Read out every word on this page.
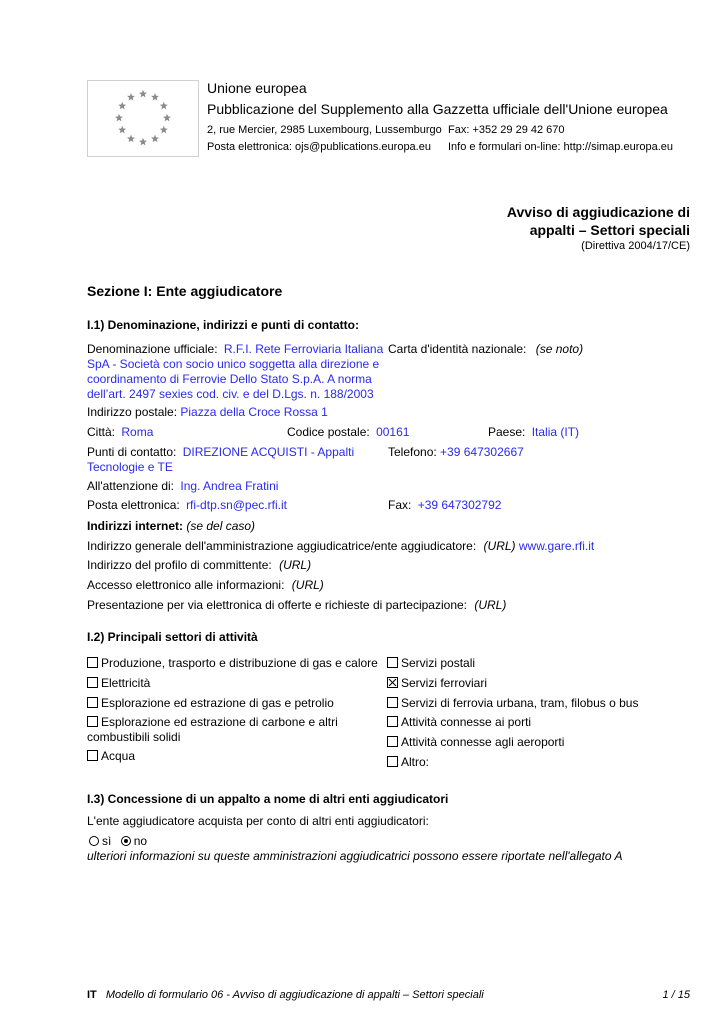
Unione europea
Pubblicazione del Supplemento alla Gazzetta ufficiale dell'Unione europea
2, rue Mercier, 2985 Luxembourg, Lussemburgo Fax: +352 29 29 42 670
Posta elettronica: ojs@publications.europa.eu Info e formulari on-line: http://simap.europa.eu
Avviso di aggiudicazione di
appalti – Settori speciali
(Direttiva 2004/17/CE)
Sezione I: Ente aggiudicatore
I.1) Denominazione, indirizzi e punti di contatto:
Denominazione ufficiale: R.F.I. Rete Ferroviaria Italiana SpA - Società con socio unico soggetta alla direzione e coordinamento di Ferrovie Dello Stato S.p.A. A norma dell’art. 2497 sexies cod. civ. e del D.Lgs. n. 188/2003
Carta d'identità nazionale: (se noto)
Indirizzo postale: Piazza della Croce Rossa 1
Città: Roma	Codice postale: 00161	Paese: Italia (IT)
Punti di contatto: DIREZIONE ACQUISTI - Appalti Tecnologie e TE
Telefono: +39 647302667
All'attenzione di: Ing. Andrea Fratini
Posta elettronica: rfi-dtp.sn@pec.rfi.it	Fax: +39 647302792
Indirizzi internet: (se del caso)
Indirizzo generale dell'amministrazione aggiudicatrice/ente aggiudicatore: (URL) www.gare.rfi.it
Indirizzo del profilo di committente: (URL)
Accesso elettronico alle informazioni: (URL)
Presentazione per via elettronica di offerte e richieste di partecipazione: (URL)
I.2) Principali settori di attività
Produzione, trasporto e distribuzione di gas e calore
Elettricità
Esplorazione ed estrazione di gas e petrolio
Esplorazione ed estrazione di carbone e altri combustibili solidi
Acqua
Servizi postali
Servizi ferroviari
Servizi di ferrovia urbana, tram, filobus o bus
Attività connesse ai porti
Attività connesse agli aeroporti
Altro:
I.3) Concessione di un appalto a nome di altri enti aggiudicatori
L'ente aggiudicatore acquista per conto di altri enti aggiudicatori:
sì no
ulteriori informazioni su queste amministrazioni aggiudicatrici possono essere riportate nell'allegato A
IT Modello di formulario 06 - Avviso di aggiudicazione di appalti – Settori speciali	1 / 15
